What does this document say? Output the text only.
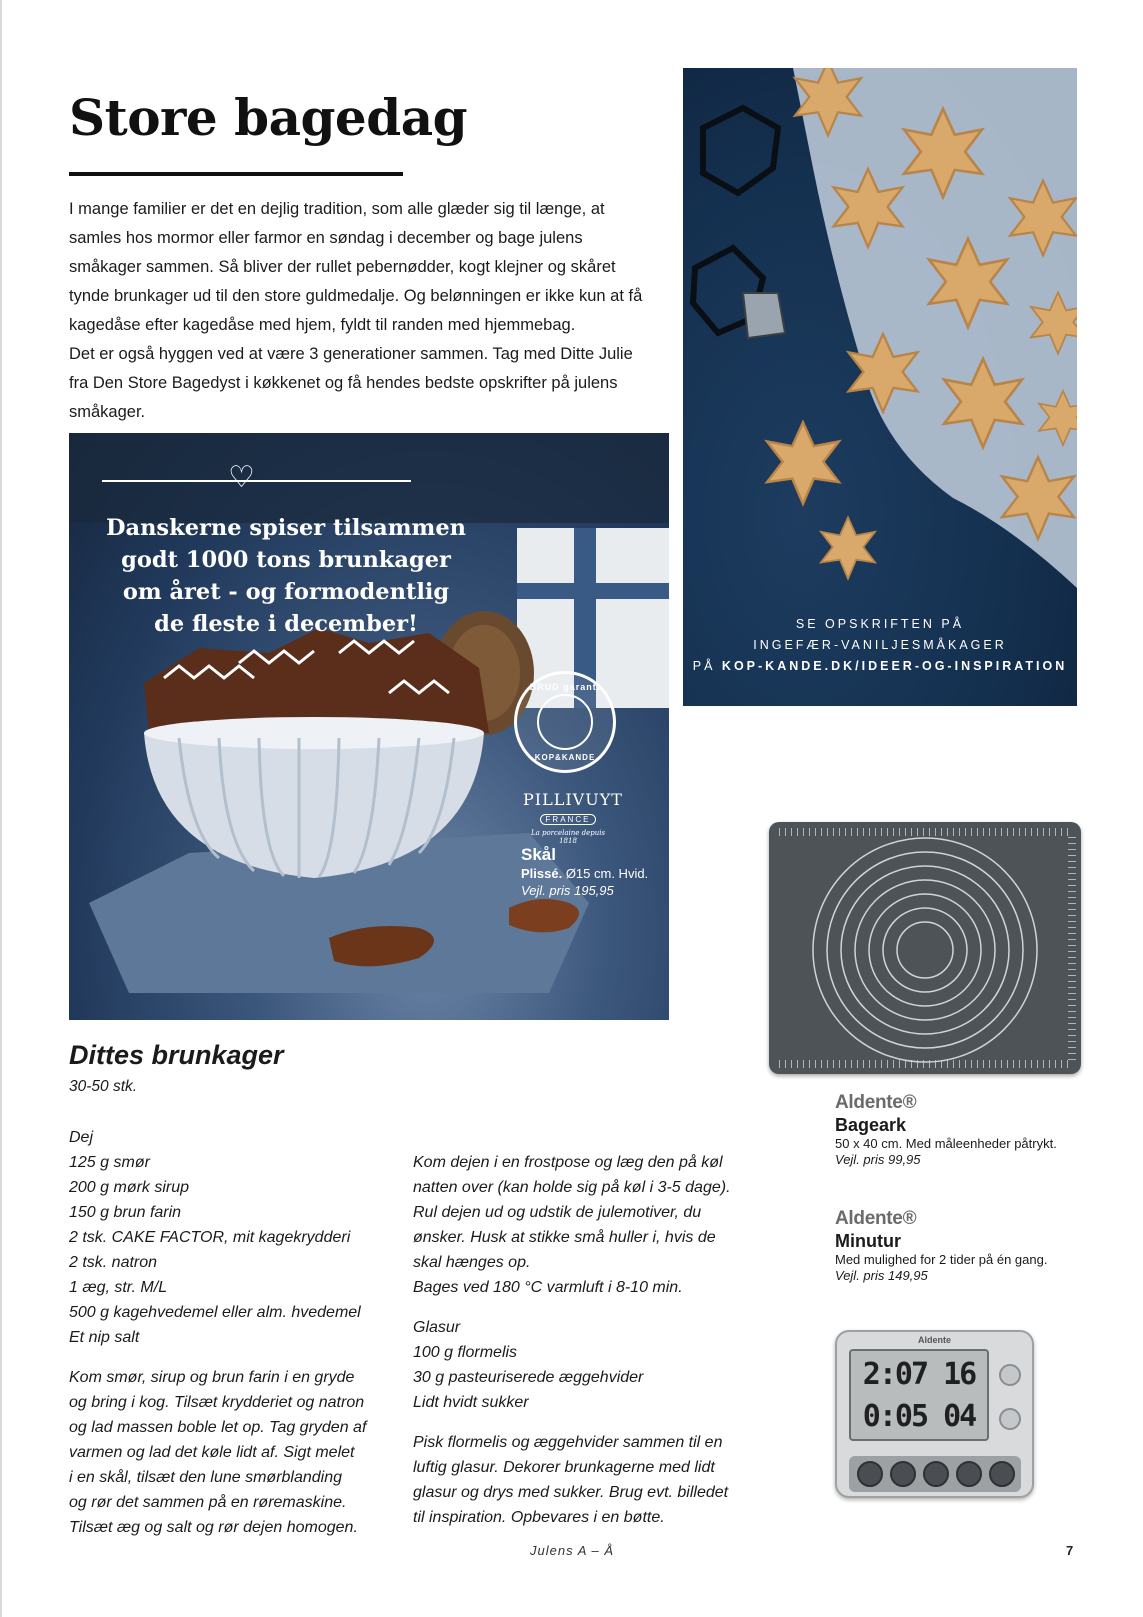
Store bagedag

I mange familier er det en dejlig tradition, som alle glæder sig til længe, at samles hos mormor eller farmor en søndag i december og bage julens småkager sammen. Så bliver der rullet pebernødder, kogt klejner og skåret tynde brunkager ud til den store guldmedalje. Og belønningen er ikke kun at få kagedåse efter kagedåse med hjem, fyldt til randen med hjemmebag.

Det er også hyggen ved at være 3 generationer sammen. Tag med Ditte Julie fra Den Store Bagedyst i køkkenet og få hendes bedste opskrifter på julens småkager.

♡
Danskerne spiser tilsammen
godt 1000 tons brunkager
om året - og formodentlig
de fleste i december!
BRUD garanti
KOP&KANDE
PILLIVUYT
FRANCE
La porcelaine depuis 1818
Skål
Plissé. Ø15 cm. Hvid.
Vejl. pris 195,95
SE OPSKRIFTEN PÅ
INGEFÆR-VANILJESMÅKAGER
PÅ KOP-KANDE.DK/IDEER-OG-INSPIRATION
Dittes brunkager
30-50 stk.
Dej
125 g smør
200 g mørk sirup
150 g brun farin
2 tsk. CAKE FACTOR, mit kagekrydderi
2 tsk. natron
1 æg, str. M/L
500 g kagehvedemel eller alm. hvedemel
Et nip salt
Kom smør, sirup og brun farin i en gryde
og bring i kog. Tilsæt krydderiet og natron
og lad massen boble let op. Tag gryden af
varmen og lad det køle lidt af. Sigt melet
i en skål, tilsæt den lune smørblanding
og rør det sammen på en røremaskine.
Tilsæt æg og salt og rør dejen homogen.
Kom dejen i en frostpose og læg den på køl
natten over (kan holde sig på køl i 3-5 dage).
Rul dejen ud og udstik de julemotiver, du
ønsker. Husk at stikke små huller i, hvis de
skal hænges op.
Bages ved 180 °C varmluft i 8-10 min.
Glasur
100 g flormelis
30 g pasteuriserede æggehvider
Lidt hvidt sukker
Pisk flormelis og æggehvider sammen til en
luftig glasur. Dekorer brunkagerne med lidt
glasur og drys med sukker. Brug evt. billedet
til inspiration. Opbevares i en bøtte.
Aldente®
Bageark
50 x 40 cm. Med måleenheder påtrykt.
Vejl. pris 99,95
Aldente®
Minutur
Med mulighed for 2 tider på én gang.
Vejl. pris 149,95
Aldente
2:07 16
0:05 04
Julens A – Å	7
